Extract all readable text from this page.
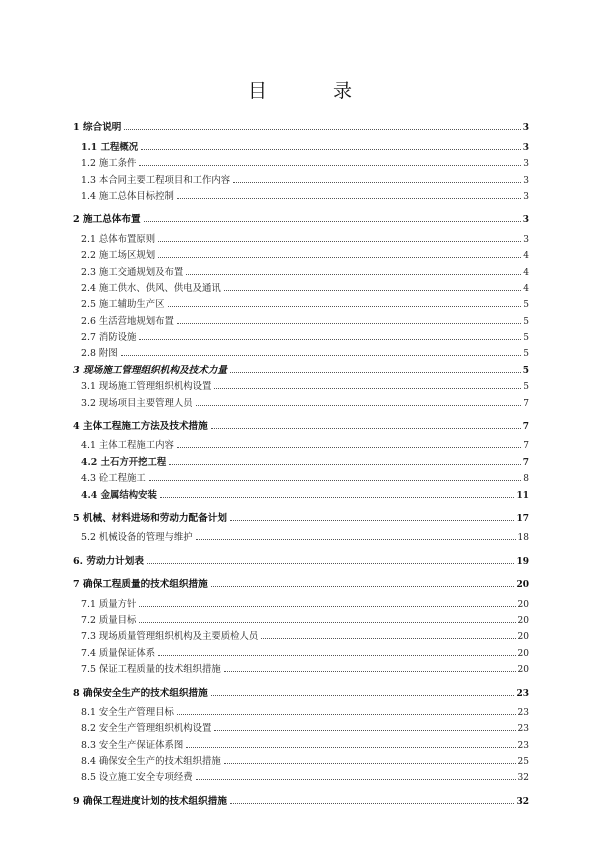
目 录
1 综合说明	3
1.1 工程概况	3
1.2 施工条件	3
1.3 本合同主要工程项目和工作内容	3
1.4 施工总体目标控制	3
2 施工总体布置	3
2.1 总体布置原则	3
2.2 施工场区规划	4
2.3 施工交通规划及布置	4
2.4 施工供水、供风、供电及通讯	4
2.5 施工辅助生产区	5
2.6 生活营地规划布置	5
2.7 消防设施	5
2.8 附图	5
3 现场施工管理组织机构及技术力量	5
3.1 现场施工管理组织机构设置	5
3.2 现场项目主要管理人员	7
4 主体工程施工方法及技术措施	7
4.1 主体工程施工内容	7
4.2 土石方开挖工程	7
4.3 砼工程施工	8
4.4 金属结构安装	11
5 机械、材料进场和劳动力配备计划	17
5.2 机械设备的管理与维护	18
6. 劳动力计划表	19
7 确保工程质量的技术组织措施	20
7.1 质量方针	20
7.2 质量目标	20
7.3 现场质量管理组织机构及主要质检人员	20
7.4 质量保证体系	20
7.5 保证工程质量的技术组织措施	20
8 确保安全生产的技术组织措施	23
8.1 安全生产管理目标	23
8.2 安全生产管理组织机构设置	23
8.3 安全生产保证体系图	23
8.4 确保安全生产的技术组织措施	25
8.5 设立施工安全专项经费	32
9 确保工程进度计划的技术组织措施	32
